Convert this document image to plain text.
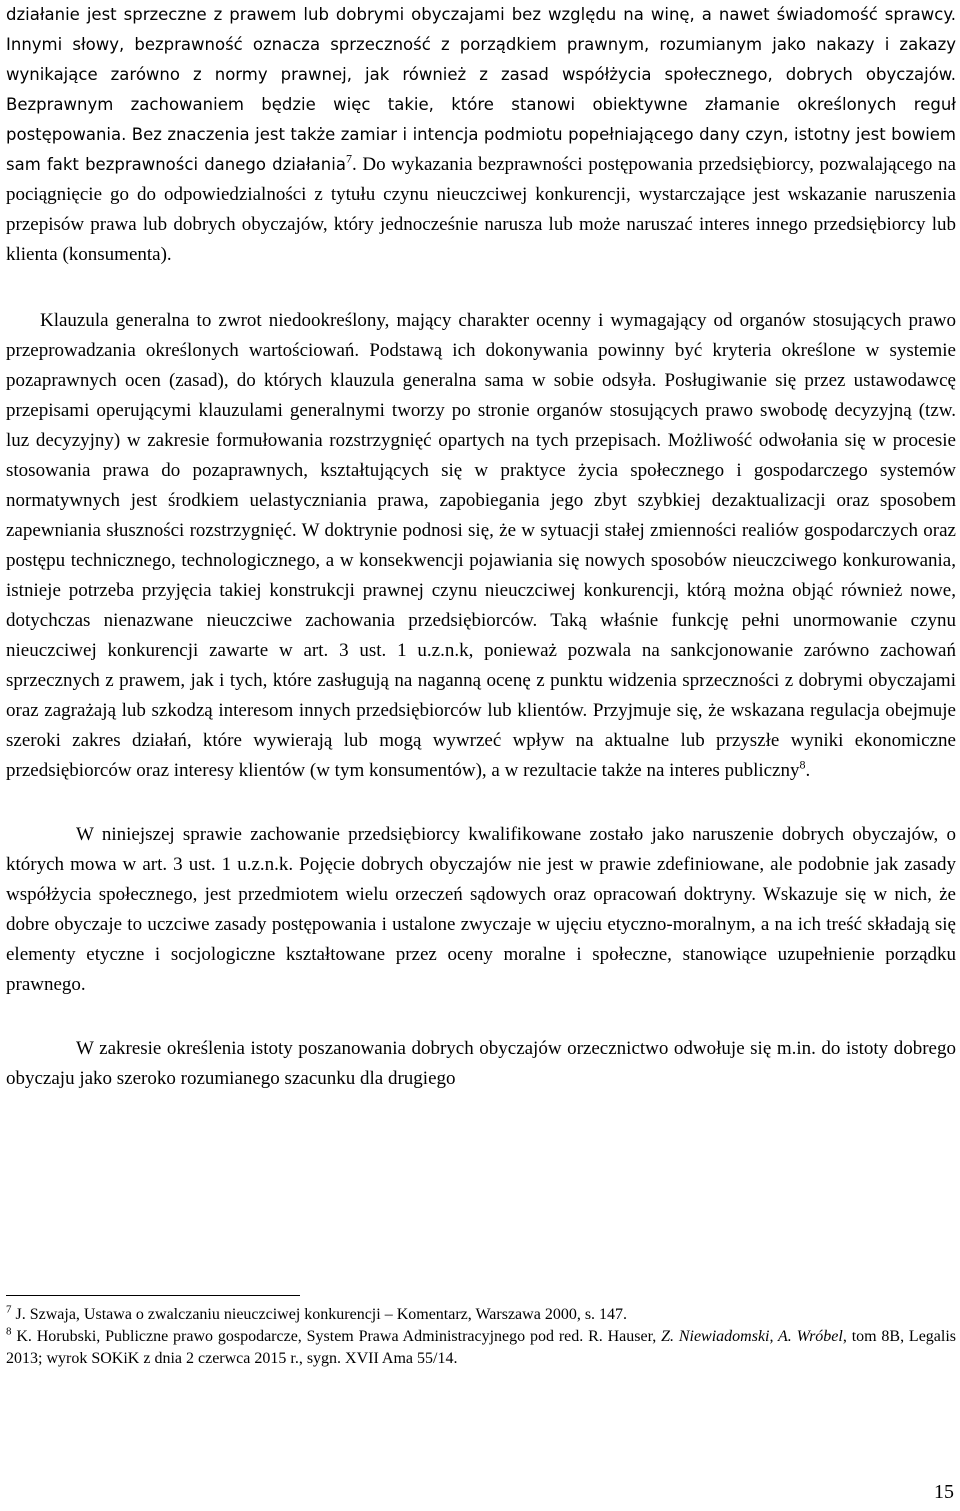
działanie jest sprzeczne z prawem lub dobrymi obyczajami bez względu na winę, a nawet świadomość sprawcy. Innymi słowy, bezprawność oznacza sprzeczność z porządkiem prawnym, rozumianym jako nakazy i zakazy wynikające zarówno z normy prawnej, jak również z zasad współżycia społecznego, dobrych obyczajów. Bezprawnym zachowaniem będzie więc takie, które stanowi obiektywne złamanie określonych reguł postępowania. Bez znaczenia jest także zamiar i intencja podmiotu popełniającego dany czyn, istotny jest bowiem sam fakt bezprawności danego działania$^7$. Do wykazania bezprawności postępowania przedsiębiorcy, pozwalającego na pociągnięcie go do odpowiedzialności z tytułu czynu nieuczciwej konkurencji, wystarczające jest wskazanie naruszenia przepisów prawa lub dobrych obyczajów, który jednocześnie narusza lub może naruszać interes innego przedsiębiorcy lub klienta (konsumenta).

Klauzula generalna to zwrot niedookreślony, mający charakter ocenny i wymagający od organów stosujących prawo przeprowadzania określonych wartościowań. Podstawą ich dokonywania powinny być kryteria określone w systemie pozaprawnych ocen (zasad), do których klauzula generalna sama w sobie odsyła. Posługiwanie się przez ustawodawcę przepisami operującymi klauzulami generalnymi tworzy po stronie organów stosujących prawo swobodę decyzyjną (tzw. luz decyzyjny) w zakresie formułowania rozstrzygnięć opartych na tych przepisach. Możliwość odwołania się w procesie stosowania prawa do pozaprawnych, kształtujących się w praktyce życia społecznego i gospodarczego systemów normatywnych jest środkiem uelastyczniania prawa, zapobiegania jego zbyt szybkiej dezaktualizacji oraz sposobem zapewniania słuszności rozstrzygnięć. W doktrynie podnosi się, że w sytuacji stałej zmienności realiów gospodarczych oraz postępu technicznego, technologicznego, a w konsekwencji pojawiania się nowych sposobów nieuczciwego konkurowania, istnieje potrzeba przyjęcia takiej konstrukcji prawnej czynu nieuczciwej konkurencji, którą można objąć również nowe, dotychczas nienazwane nieuczciwe zachowania przedsiębiorców. Taką właśnie funkcję pełni unormowanie czynu nieuczciwej konkurencji zawarte w art. 3 ust. 1 u.z.n.k, ponieważ pozwala na sankcjonowanie zarówno zachowań sprzecznych z prawem, jak i tych, które zasługują na naganną ocenę z punktu widzenia sprzeczności z dobrymi obyczajami oraz zagrażają lub szkodzą interesom innych przedsiębiorców lub klientów. Przyjmuje się, że wskazana regulacja obejmuje szeroki zakres działań, które wywierają lub mogą wywrzeć wpływ na aktualne lub przyszłe wyniki ekonomiczne przedsiębiorców oraz interesy klientów (w tym konsumentów), a w rezultacie także na interes publiczny$^8$.

W niniejszej sprawie zachowanie przedsiębiorcy kwalifikowane zostało jako naruszenie dobrych obyczajów, o których mowa w art. 3 ust. 1 u.z.n.k. Pojęcie dobrych obyczajów nie jest w prawie zdefiniowane, ale podobnie jak zasady współżycia społecznego, jest przedmiotem wielu orzeczeń sądowych oraz opracowań doktryny. Wskazuje się w nich, że dobre obyczaje to uczciwe zasady postępowania i ustalone zwyczaje w ujęciu etyczno-moralnym, a na ich treść składają się elementy etyczne i socjologiczne kształtowane przez oceny moralne i społeczne, stanowiące uzupełnienie porządku prawnego.

W zakresie określenia istoty poszanowania dobrych obyczajów orzecznictwo odwołuje się m.in. do istoty dobrego obyczaju jako szeroko rozumianego szacunku dla drugiego

$^7$ J. Szwaja, Ustawa o zwalczaniu nieuczciwej konkurencji – Komentarz, Warszawa 2000, s. 147.

$^8$ K. Horubski, Publiczne prawo gospodarcze, System Prawa Administracyjnego pod red. R. Hauser, Z. Niewiadomski, A. Wróbel, tom 8B, Legalis 2013; wyrok SOKiK z dnia 2 czerwca 2015 r., sygn. XVII Ama 55/14.

15
